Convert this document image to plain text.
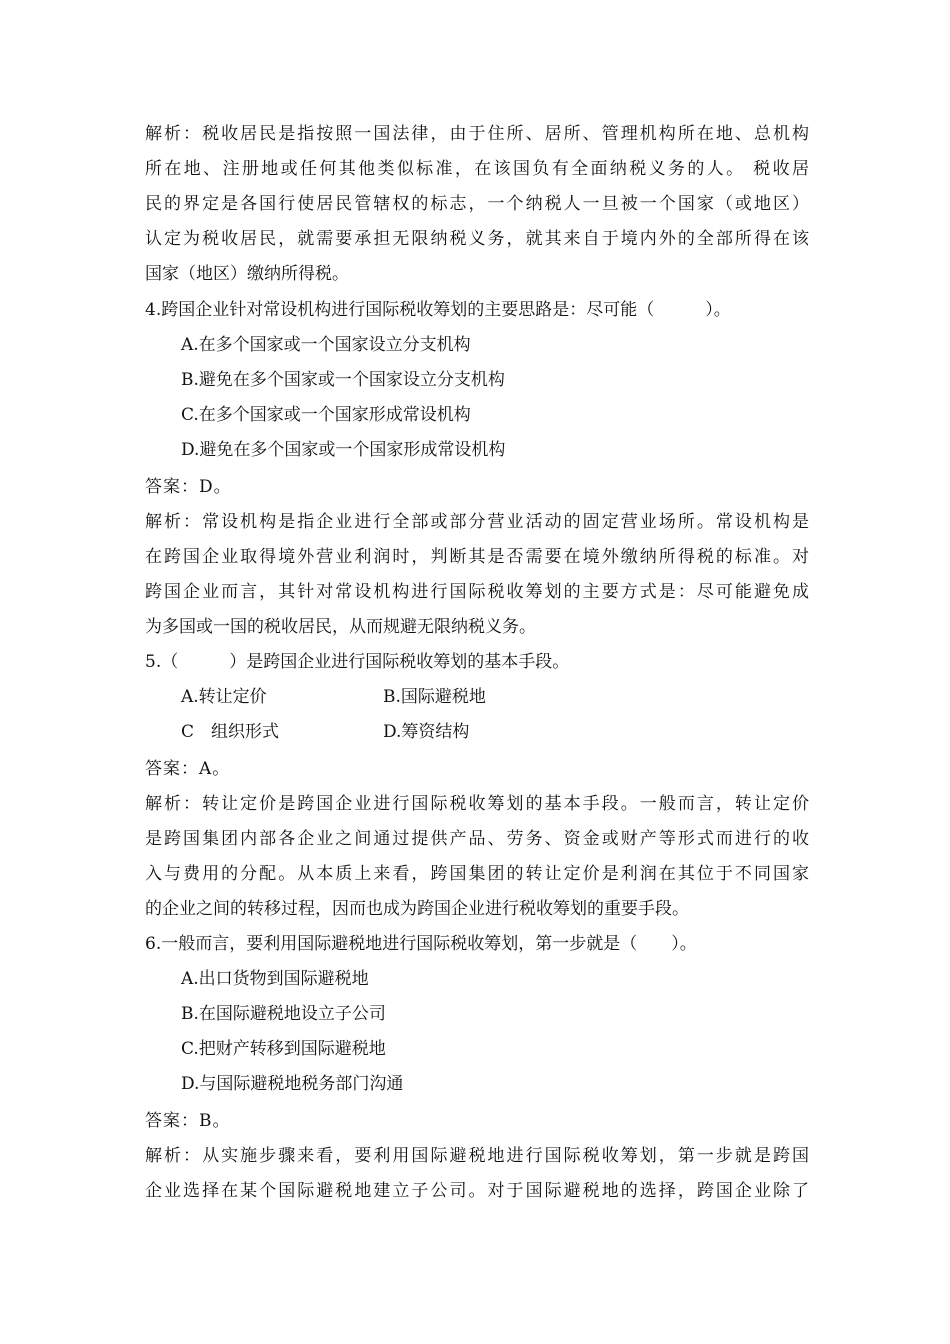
解析：税收居民是指按照一国法律，由于住所、居所、管理机构所在地、总机构
所在地、注册地或任何其他类似标准，在该国负有全面纳税义务的人。 税收居
民的界定是各国行使居民管辖权的标志，一个纳税人一旦被一个国家（或地区）
认定为税收居民，就需要承担无限纳税义务，就其来自于境内外的全部所得在该
国家（地区）缴纳所得税。
4.跨国企业针对常设机构进行国际税收筹划的主要思路是：尽可能（　　　）。
A.在多个国家或一个国家设立分支机构
B.避免在多个国家或一个国家设立分支机构
C.在多个国家或一个国家形成常设机构
D.避免在多个国家或一个国家形成常设机构
答案：D。
解析：常设机构是指企业进行全部或部分营业活动的固定营业场所。常设机构是
在跨国企业取得境外营业利润时，判断其是否需要在境外缴纳所得税的标准。对
跨国企业而言，其针对常设机构进行国际税收筹划的主要方式是：尽可能避免成
为多国或一国的税收居民，从而规避无限纳税义务。
5.（　　　）是跨国企业进行国际税收筹划的基本手段。
A.转让定价	B.国际避税地
C　组织形式	D.筹资结构
答案：A。
解析：转让定价是跨国企业进行国际税收筹划的基本手段。一般而言，转让定价
是跨国集团内部各企业之间通过提供产品、劳务、资金或财产等形式而进行的收
入与费用的分配。从本质上来看，跨国集团的转让定价是利润在其位于不同国家
的企业之间的转移过程，因而也成为跨国企业进行税收筹划的重要手段。
6.一般而言，要利用国际避税地进行国际税收筹划，第一步就是（　　）。
A.出口货物到国际避税地
B.在国际避税地设立子公司
C.把财产转移到国际避税地
D.与国际避税地税务部门沟通
答案：B。
解析：从实施步骤来看，要利用国际避税地进行国际税收筹划，第一步就是跨国
企业选择在某个国际避税地建立子公司。对于国际避税地的选择，跨国企业除了
